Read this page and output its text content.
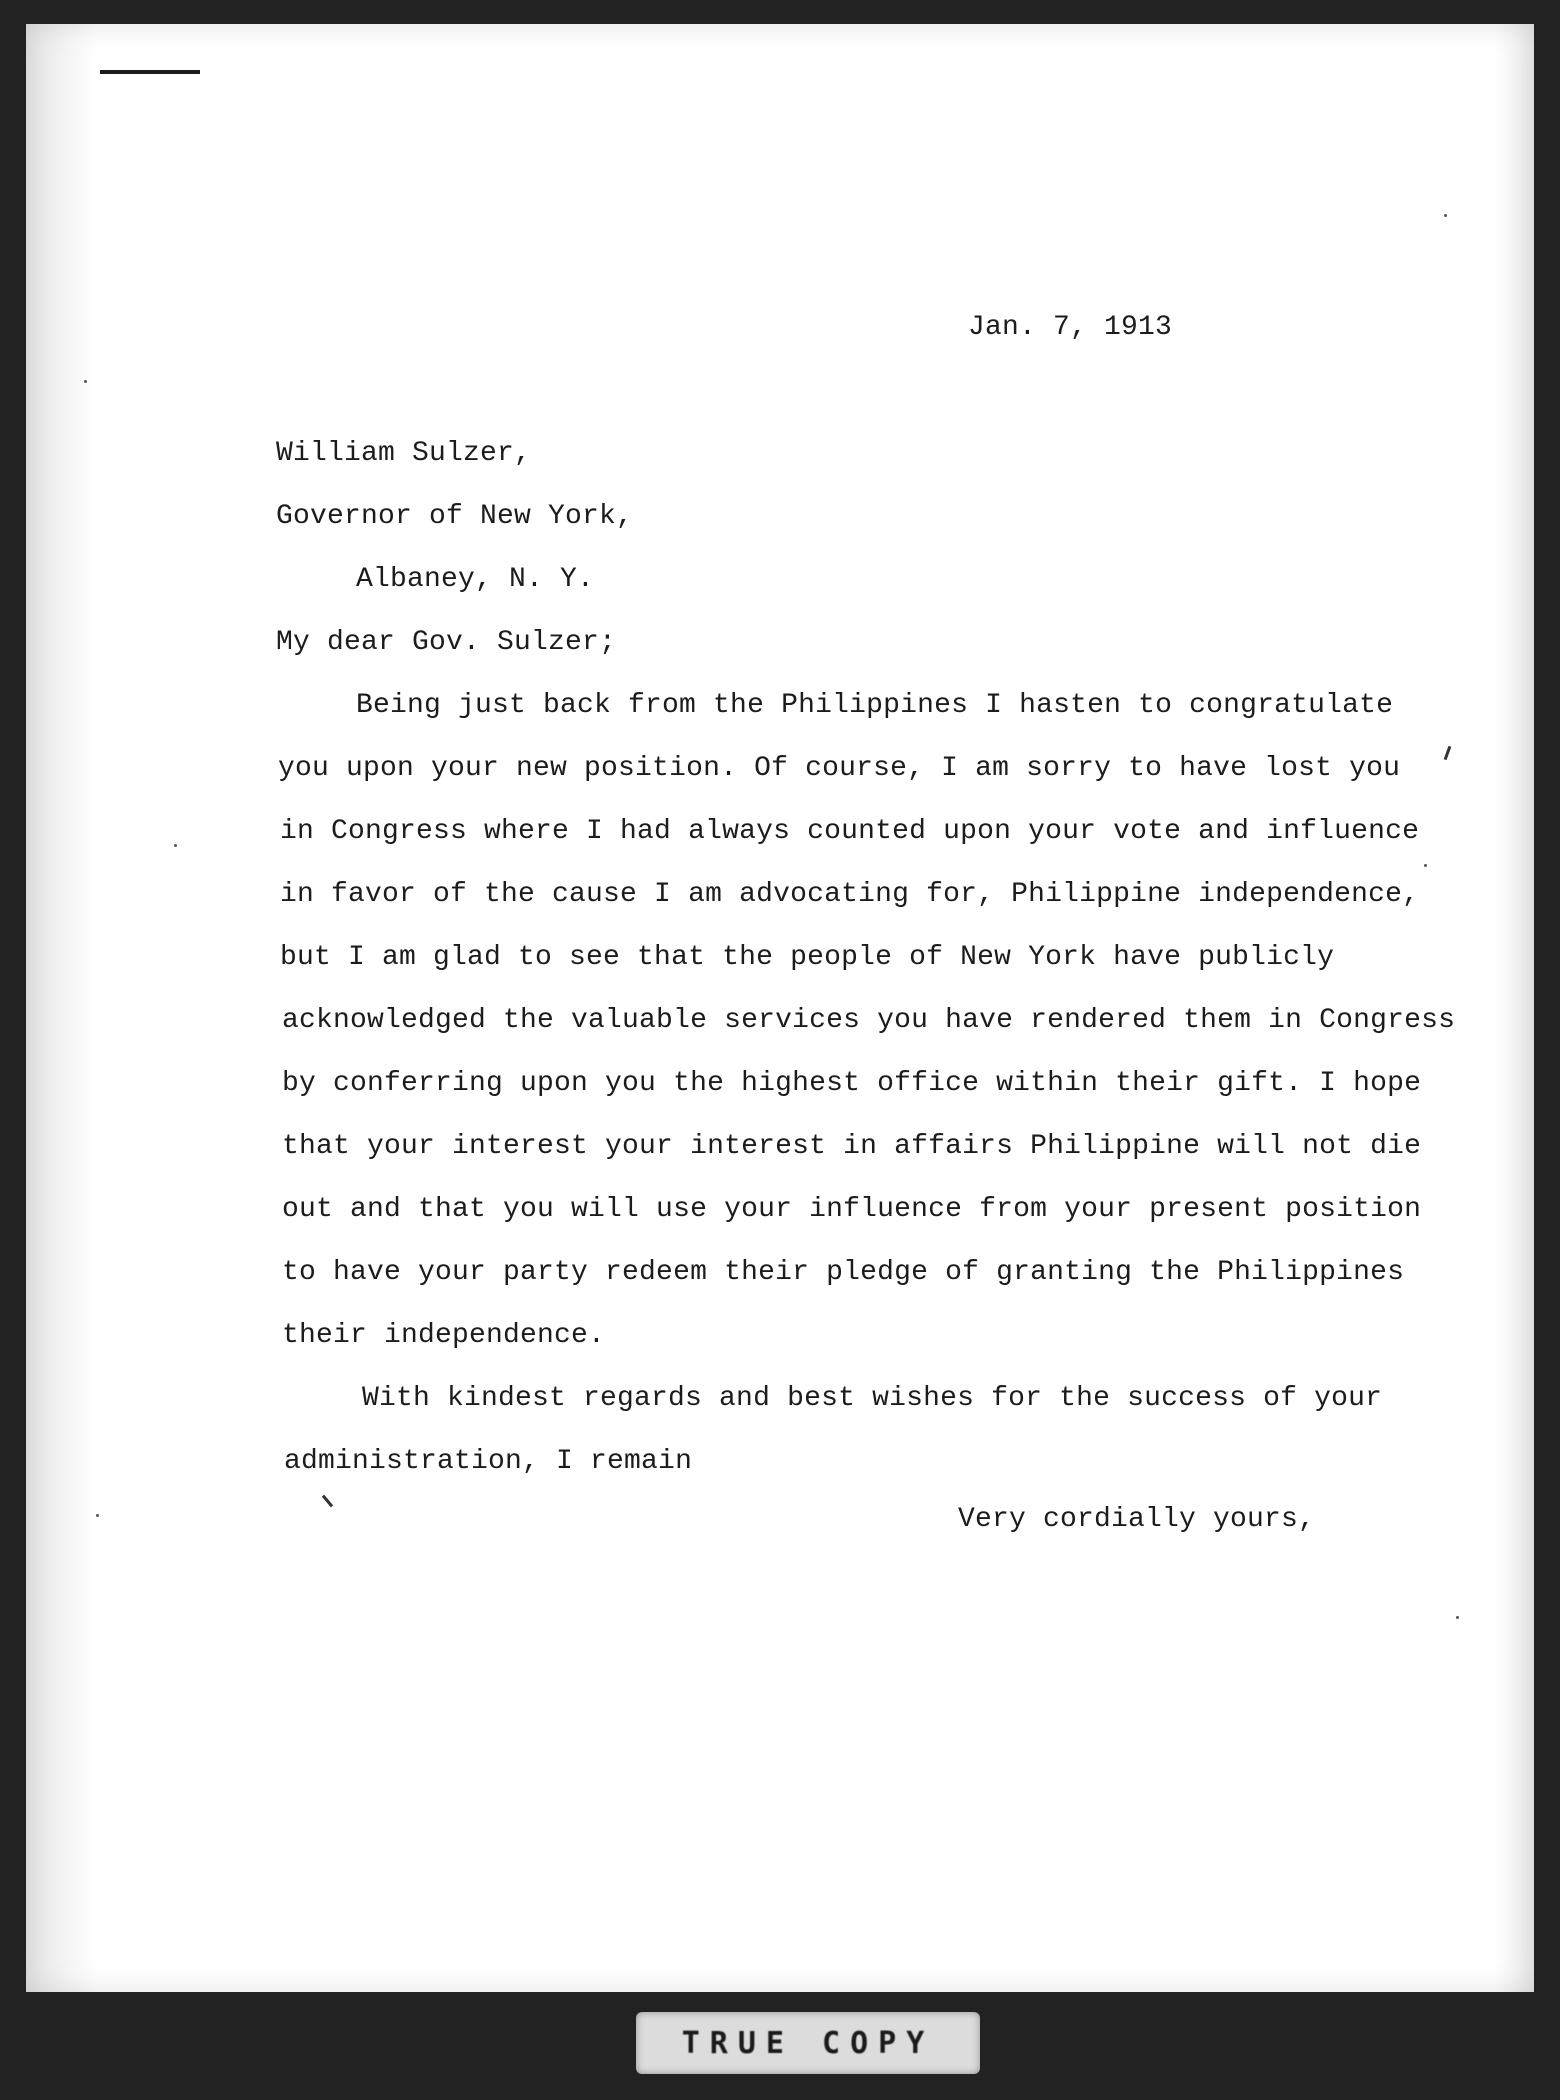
Jan. 7, 1913

William Sulzer,

Governor of New York,

Albaney, N. Y.

My dear Gov. Sulzer;

Being just back from the Philippines I hasten to congratulate

you upon your new position. Of course, I am sorry to have lost you

in Congress where I had always counted upon your vote and influence

in favor of the cause I am advocating for, Philippine independence,

but I am glad to see that the people of New York have publicly

acknowledged the valuable services you have rendered them in Congress

by conferring upon you the highest office within their gift. I hope

that your interest your interest in affairs Philippine will not die

out and that you will use your influence from your present position

to have your party redeem their pledge of granting the Philippines

their independence.

With kindest regards and best wishes for the success of your

administration, I remain

Very cordially yours,

TRUE COPY
